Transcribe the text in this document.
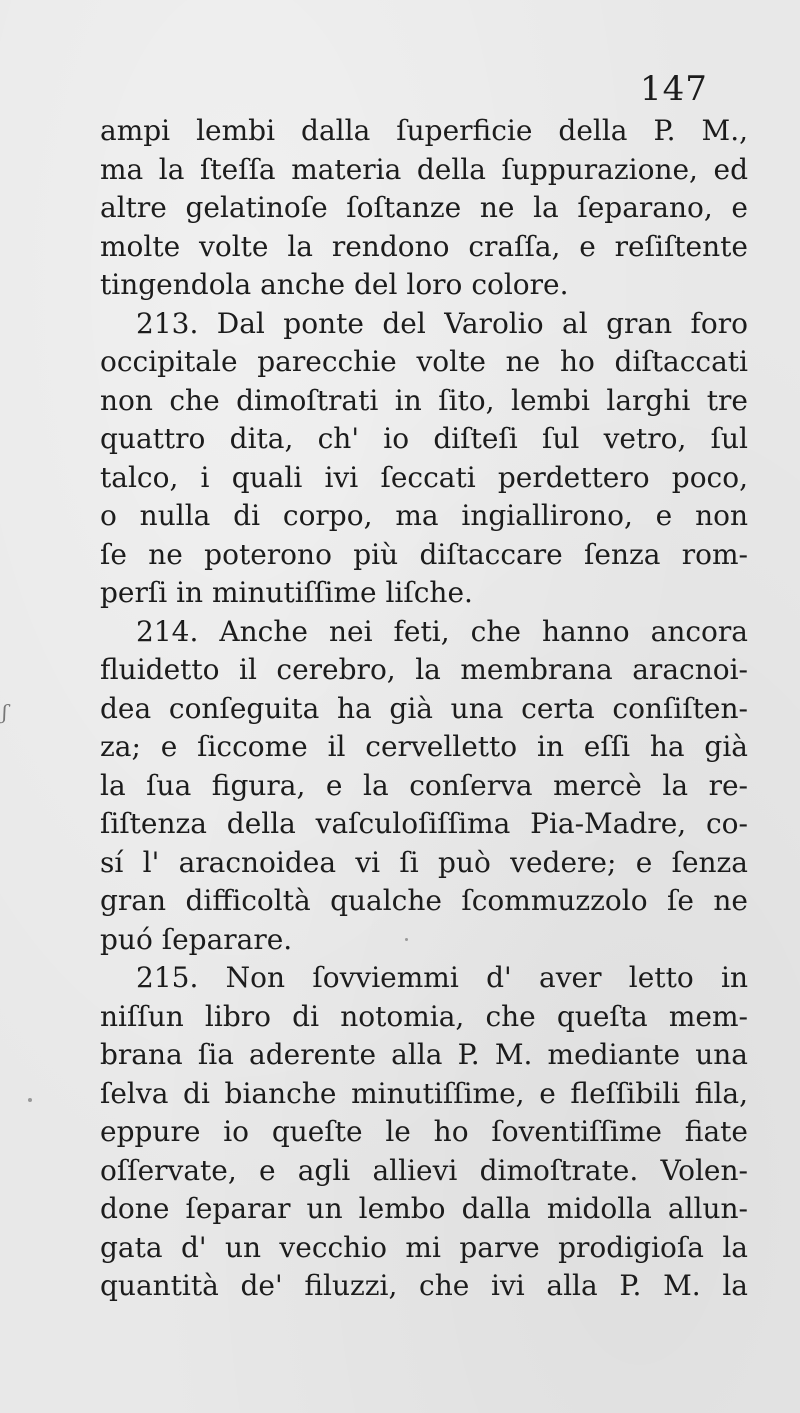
147
ʃ
ampi lembi dalla ſuperficie della P. M.,
ma la ſteſſa materia della ſuppurazione, ed
altre gelatinoſe ſoſtanze ne la ſeparano, e
molte volte la rendono craſſa, e reſiſtente
tingendola anche del loro colore.
213. Dal ponte del Varolio al gran foro
occipitale parecchie volte ne ho diſtaccati
non che dimoſtrati in ſito, lembi larghi tre
quattro dita, ch' io diſteſi ſul vetro, ſul
talco, i quali ivi ſeccati perdettero poco,
o nulla di corpo, ma ingiallirono, e non
ſe ne poterono più diſtaccare ſenza rom-
perſi in minutiſſime liſche.
214. Anche nei feti, che hanno ancora
fluidetto il cerebro, la membrana aracnoi-
dea conſeguita ha già una certa conſiſten-
za; e ſiccome il cervelletto in eſſi ha già
la ſua figura, e la conſerva mercè la re-
ſiſtenza della vaſculoſiſſima Pia-Madre, co-
sí l' aracnoidea vi ſi può vedere; e ſenza
gran difficoltà qualche ſcommuzzolo ſe ne
puó ſeparare.
215. Non ſovviemmi d' aver letto in
niſſun libro di notomia, che queſta mem-
brana ſia aderente alla P. M. mediante una
ſelva di bianche minutiſſime, e fleſſibili fila,
eppure io queſte le ho ſoventiſſime fiate
oſſervate, e agli allievi dimoſtrate. Volen-
done ſeparar un lembo dalla midolla allun-
gata d' un vecchio mi parve prodigioſa la
quantità de' filuzzi, che ivi alla P. M. la
